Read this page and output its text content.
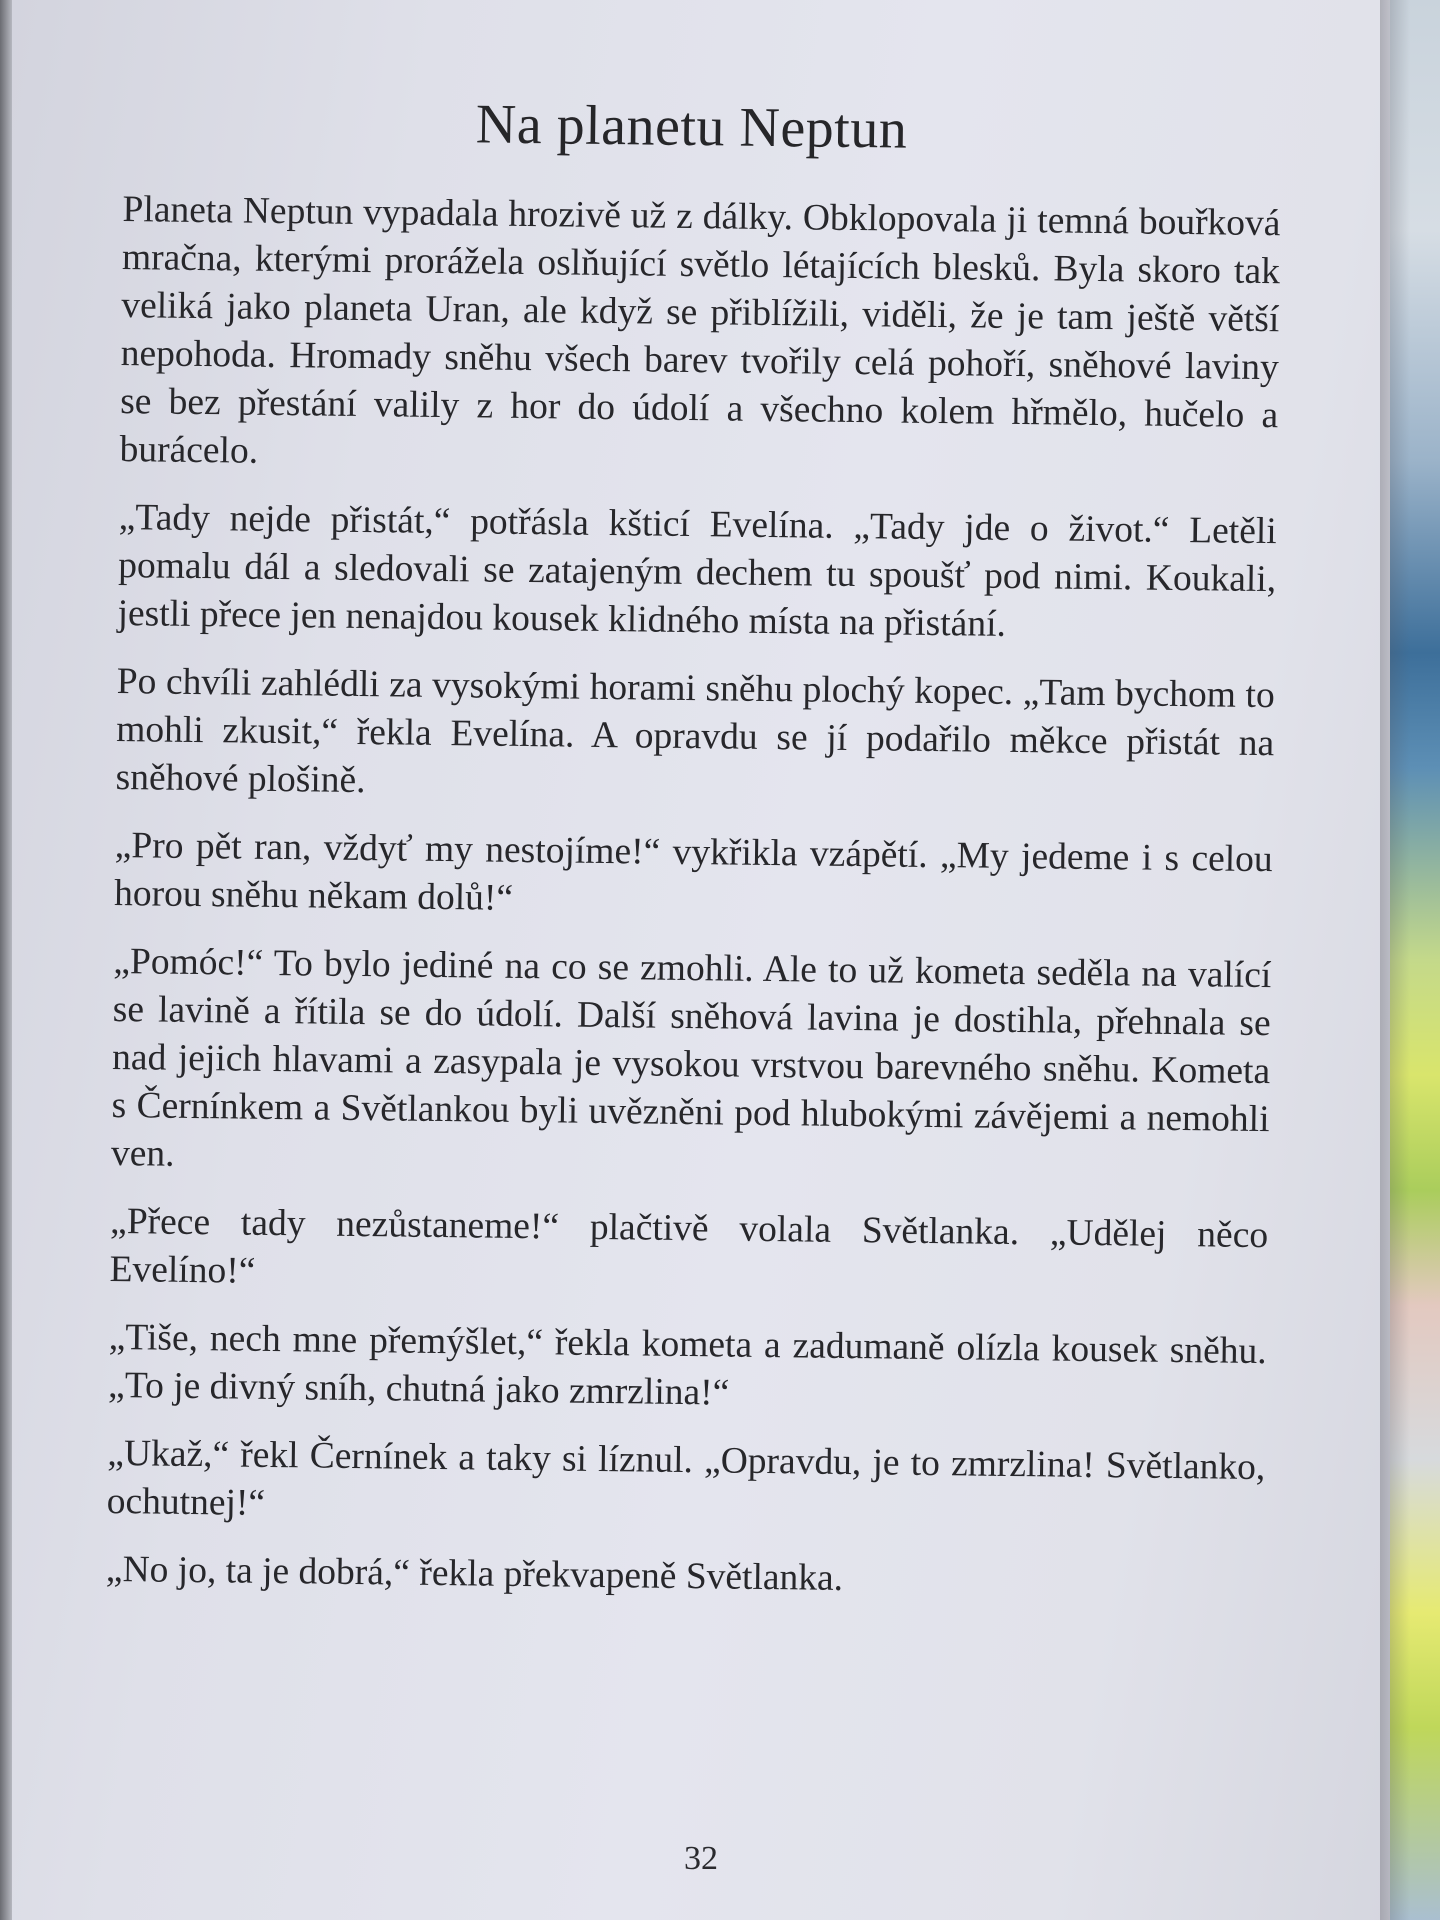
Na planetu Neptun

Planeta Neptun vypadala hrozivě už z dálky. Obklopovala ji temná bouřková mračna, kterými prorážela oslňující světlo létajících blesků. Byla skoro tak veliká jako planeta Uran, ale když se přiblížili, viděli, že je tam ještě větší nepohoda. Hromady sněhu všech barev tvořily celá pohoří, sněhové laviny se bez přestání valily z hor do údolí a všechno kolem hřmělo, hučelo a burácelo.

„Tady nejde přistát,“ potřásla kšticí Evelína. „Tady jde o život.“ Letěli pomalu dál a sledovali se zatajeným dechem tu spoušť pod nimi. Koukali, jestli přece jen nenajdou kousek klidného místa na přistání.

Po chvíli zahlédli za vysokými horami sněhu plochý kopec. „Tam bychom to mohli zkusit,“ řekla Evelína. A opravdu se jí podařilo měkce přistát na sněhové plošině.

„Pro pět ran, vždyť my nestojíme!“ vykřikla vzápětí. „My jedeme i s celou horou sněhu někam dolů!“

„Pomóc!“ To bylo jediné na co se zmohli. Ale to už kometa seděla na valící se lavině a řítila se do údolí. Další sněhová lavina je dostihla, přehnala se nad jejich hlavami a zasypala je vysokou vrstvou barevného sněhu. Kometa s Černínkem a Světlankou byli uvězněni pod hlubokými závějemi a nemohli ven.

„Přece tady nezůstaneme!“ plačtivě volala Světlanka. „Udělej něco Evelíno!“

„Tiše, nech mne přemýšlet,“ řekla kometa a zadumaně olízla kousek sněhu. „To je divný sníh, chutná jako zmrzlina!“

„Ukaž,“ řekl Černínek a taky si líznul. „Opravdu, je to zmrzlina! Světlanko, ochutnej!“

„No jo, ta je dobrá,“ řekla překvapeně Světlanka.

32
